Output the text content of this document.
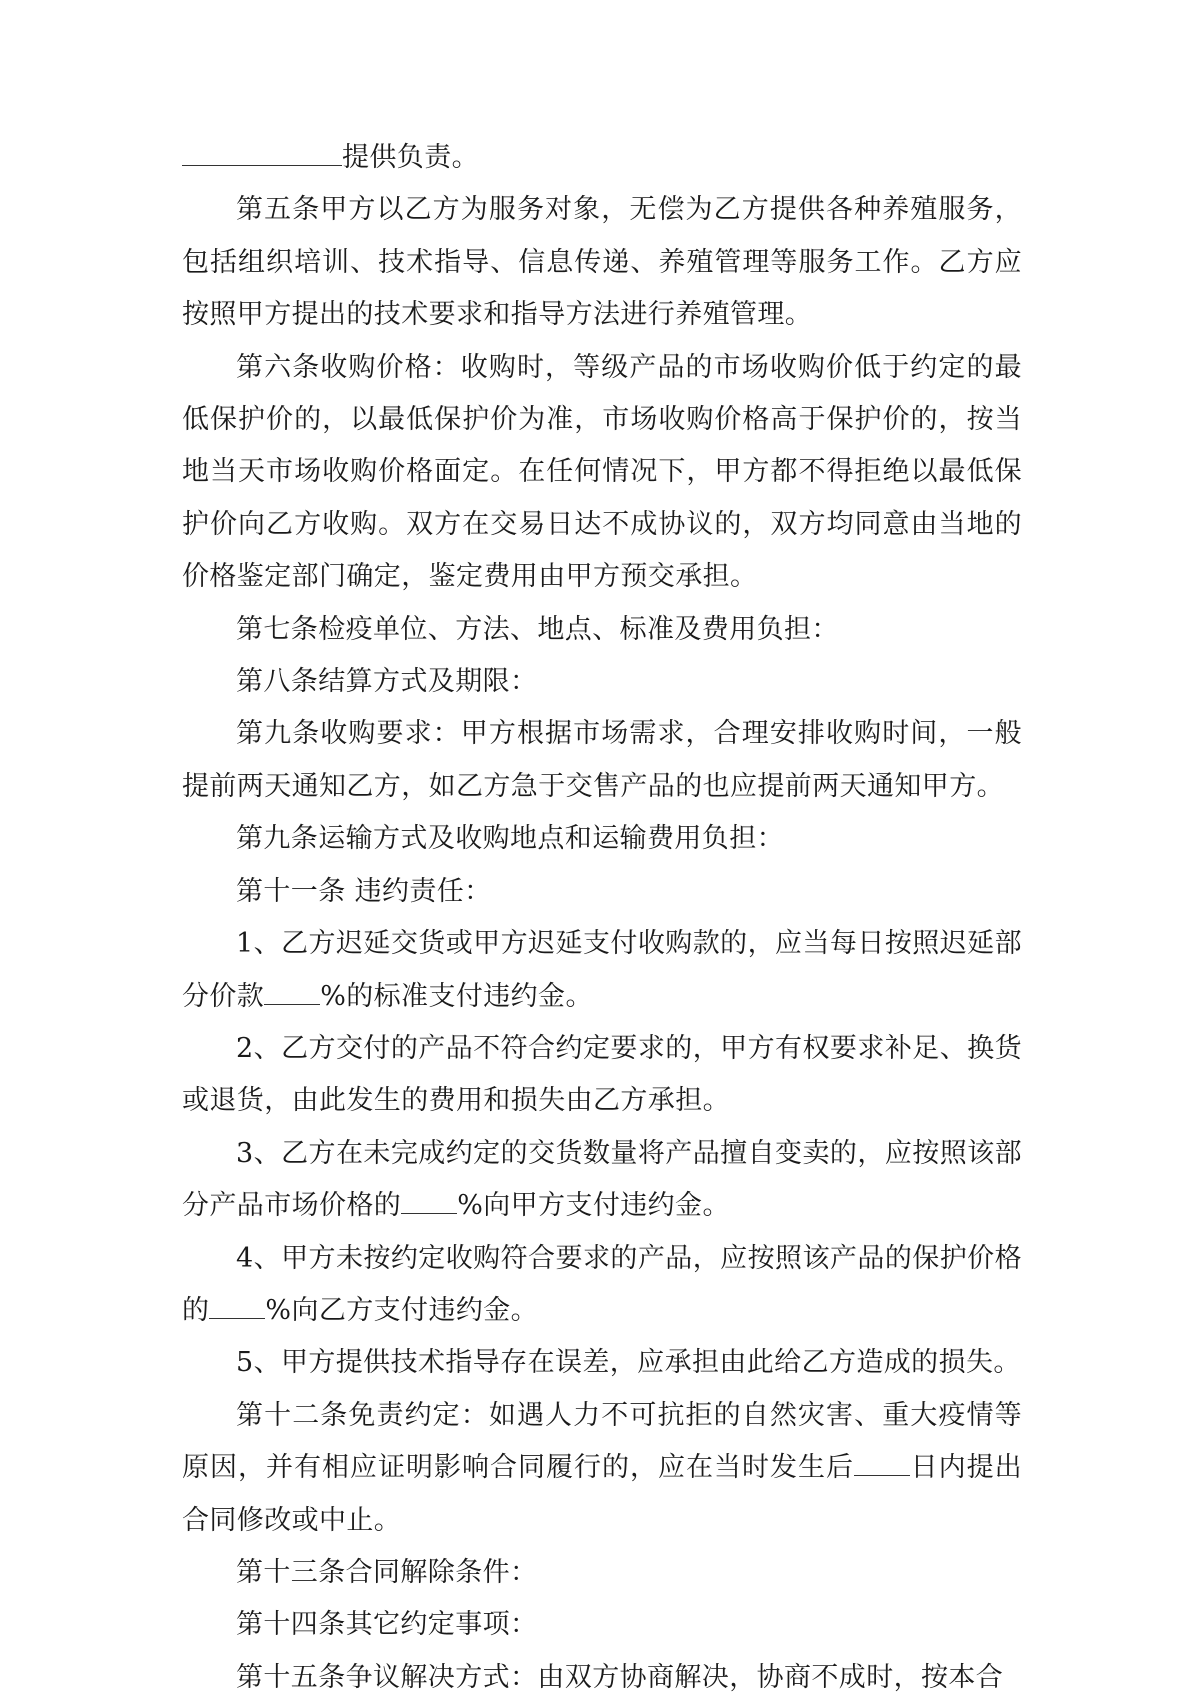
提供负责。

第五条甲方以乙方为服务对象，无偿为乙方提供各种养殖服务，包括组织培训、技术指导、信息传递、养殖管理等服务工作。乙方应按照甲方提出的技术要求和指导方法进行养殖管理。

第六条收购价格：收购时，等级产品的市场收购价低于约定的最低保护价的，以最低保护价为准，市场收购价格高于保护价的，按当地当天市场收购价格面定。在任何情况下，甲方都不得拒绝以最低保护价向乙方收购。双方在交易日达不成协议的，双方均同意由当地的价格鉴定部门确定，鉴定费用由甲方预交承担。

第七条检疫单位、方法、地点、标准及费用负担：

第八条结算方式及期限：

第九条收购要求：甲方根据市场需求，合理安排收购时间，一般提前两天通知乙方，如乙方急于交售产品的也应提前两天通知甲方。

第九条运输方式及收购地点和运输费用负担：

第十一条 违约责任：

1、乙方迟延交货或甲方迟延支付收购款的，应当每日按照迟延部分价款 %的标准支付违约金。

2、乙方交付的产品不符合约定要求的，甲方有权要求补足、换货或退货，由此发生的费用和损失由乙方承担。

3、乙方在未完成约定的交货数量将产品擅自变卖的，应按照该部分产品市场价格的 %向甲方支付违约金。

4、甲方未按约定收购符合要求的产品，应按照该产品的保护价格的 %向乙方支付违约金。

5、甲方提供技术指导存在误差，应承担由此给乙方造成的损失。

第十二条免责约定：如遇人力不可抗拒的自然灾害、重大疫情等原因，并有相应证明影响合同履行的，应在当时发生后 日内提出合同修改或中止。

第十三条合同解除条件：

第十四条其它约定事项：

第十五条争议解决方式：由双方协商解决，协商不成时，按本合
